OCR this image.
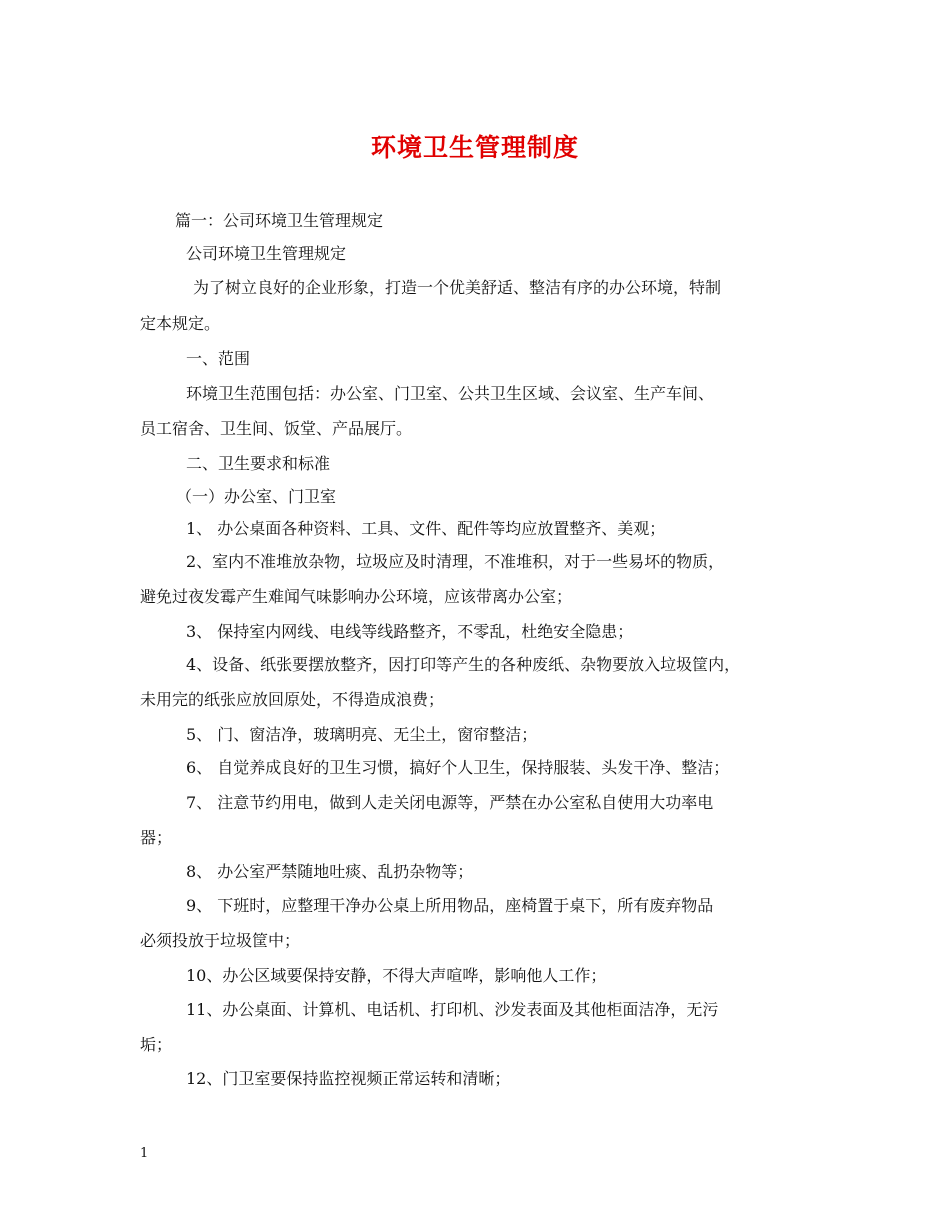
环境卫生管理制度
篇一：公司环境卫生管理规定
公司环境卫生管理规定
为了树立良好的企业形象，打造一个优美舒适、整洁有序的办公环境，特制
定本规定。
一、范围
环境卫生范围包括：办公室、门卫室、公共卫生区域、会议室、生产车间、
员工宿舍、卫生间、饭堂、产品展厅。
二、卫生要求和标准
（一）办公室、门卫室
1、 办公桌面各种资料、工具、文件、配件等均应放置整齐、美观；
2、室内不准堆放杂物，垃圾应及时清理，不准堆积，对于一些易坏的物质，
避免过夜发霉产生难闻气味影响办公环境，应该带离办公室；
3、 保持室内网线、电线等线路整齐，不零乱，杜绝安全隐患；
4、设备、纸张要摆放整齐，因打印等产生的各种废纸、杂物要放入垃圾筐内，
未用完的纸张应放回原处，不得造成浪费；
5、 门、窗洁净，玻璃明亮、无尘土，窗帘整洁；
6、 自觉养成良好的卫生习惯，搞好个人卫生，保持服装、头发干净、整洁；
7、 注意节约用电，做到人走关闭电源等，严禁在办公室私自使用大功率电
器；
8、 办公室严禁随地吐痰、乱扔杂物等；
9、 下班时，应整理干净办公桌上所用物品，座椅置于桌下，所有废弃物品
必须投放于垃圾筐中；
10、办公区域要保持安静，不得大声喧哗，影响他人工作；
11、办公桌面、计算机、电话机、打印机、沙发表面及其他柜面洁净，无污
垢；
12、门卫室要保持监控视频正常运转和清晰；
1
